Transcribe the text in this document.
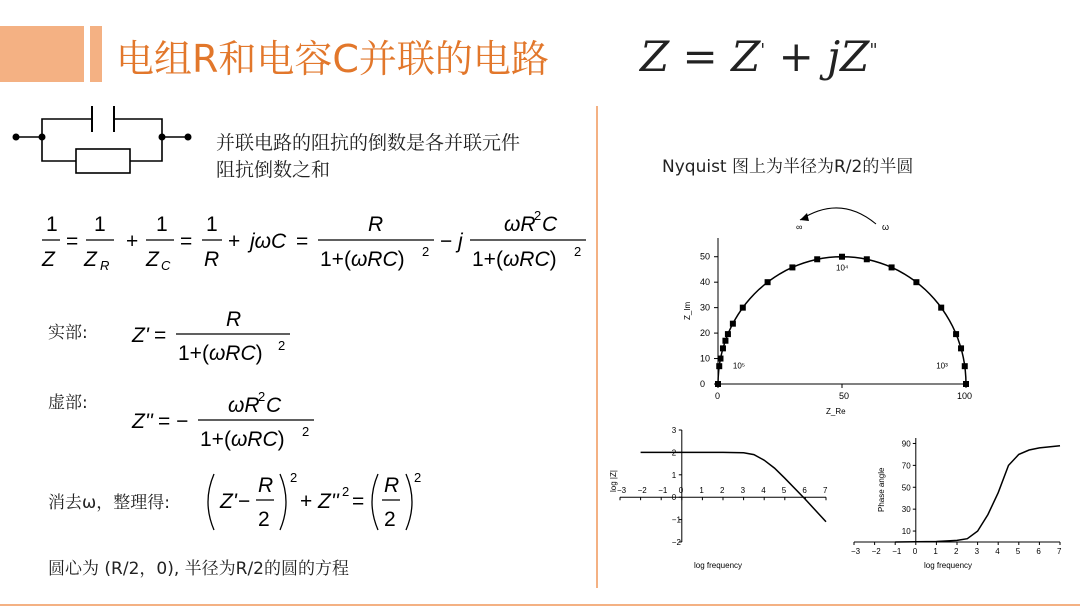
电组R和电容C并联的电路 Z = Z' + jZ"
并联电路的阻抗的倒数是各并联元件
阻抗倒数之和
1
Z
=
1
Z R
+
1
Z C
=
1
R
+ jωC =
R
1+(ωRC) 2 − j
ωR
2 C
1+(ωRC) 2
实部: Z' =
R
1+(ωRC) 2
虚部:
Z'' = −
ωR
2 C
1+(ωRC) 2
消去ω，整理得: Z' −
R
2
2
+ Z'' 2 =
R
2
2
圆心为 (R/2，0), 半径为R/2的圆的方程
Nyquist 图上为半径为R/2的半圆
∞	ω
0	50	100
0
10
20
30
40
50
Z_Re
Z_Im
10⁴
10⁵	10³
−3 −2 −1 0 1 2 3 4 5 6 7
3
2
1
0
−1
−2
log frequency
log |Z|
−3 −2 −1 0 1 2 3 4 5 6 7
90
70
50
30
10
log frequency
Phase angle
